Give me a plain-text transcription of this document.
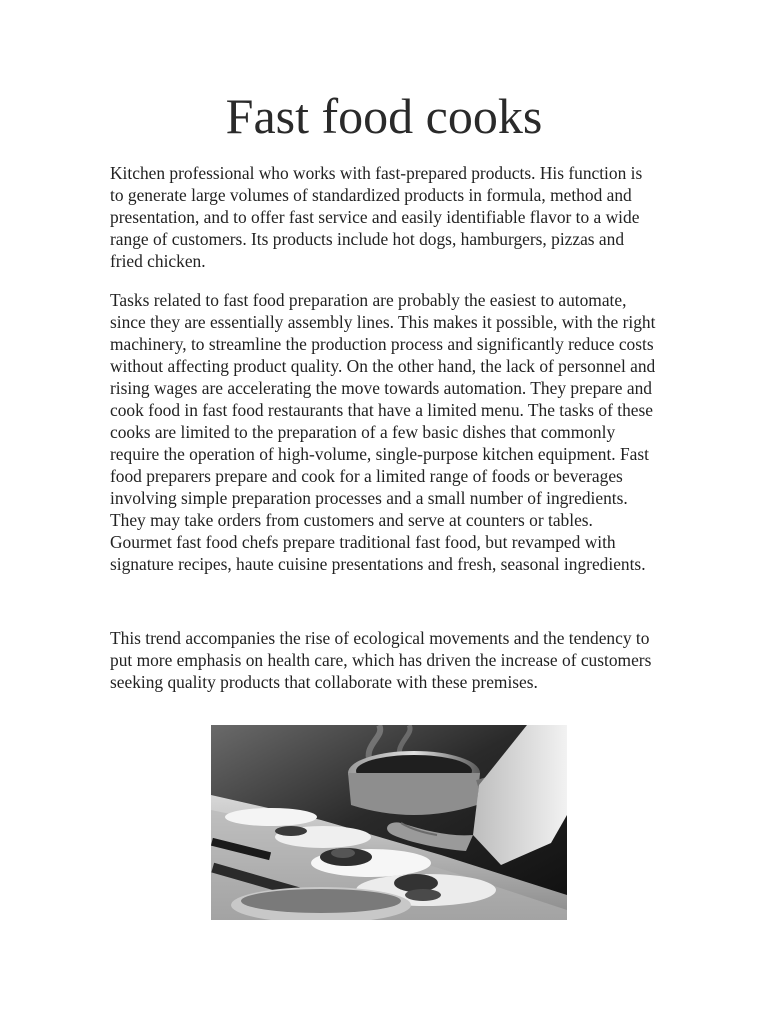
Fast food cooks

Kitchen professional who works with fast-prepared products. His function is to generate large volumes of standardized products in formula, method and presentation, and to offer fast service and easily identifiable flavor to a wide range of customers. Its products include hot dogs, hamburgers, pizzas and fried chicken.

Tasks related to fast food preparation are probably the easiest to automate, since they are essentially assembly lines. This makes it possible, with the right machinery, to streamline the production process and significantly reduce costs without affecting product quality. On the other hand, the lack of personnel and rising wages are accelerating the move towards automation. They prepare and cook food in fast food restaurants that have a limited menu. The tasks of these cooks are limited to the preparation of a few basic dishes that commonly require the operation of high-volume, single-purpose kitchen equipment. Fast food preparers prepare and cook for a limited range of foods or beverages involving simple preparation processes and a small number of ingredients. They may take orders from customers and serve at counters or tables. Gourmet fast food chefs prepare traditional fast food, but revamped with signature recipes, haute cuisine presentations and fresh, seasonal ingredients.

This trend accompanies the rise of ecological movements and the tendency to put more emphasis on health care, which has driven the increase of customers seeking quality products that collaborate with these premises.
